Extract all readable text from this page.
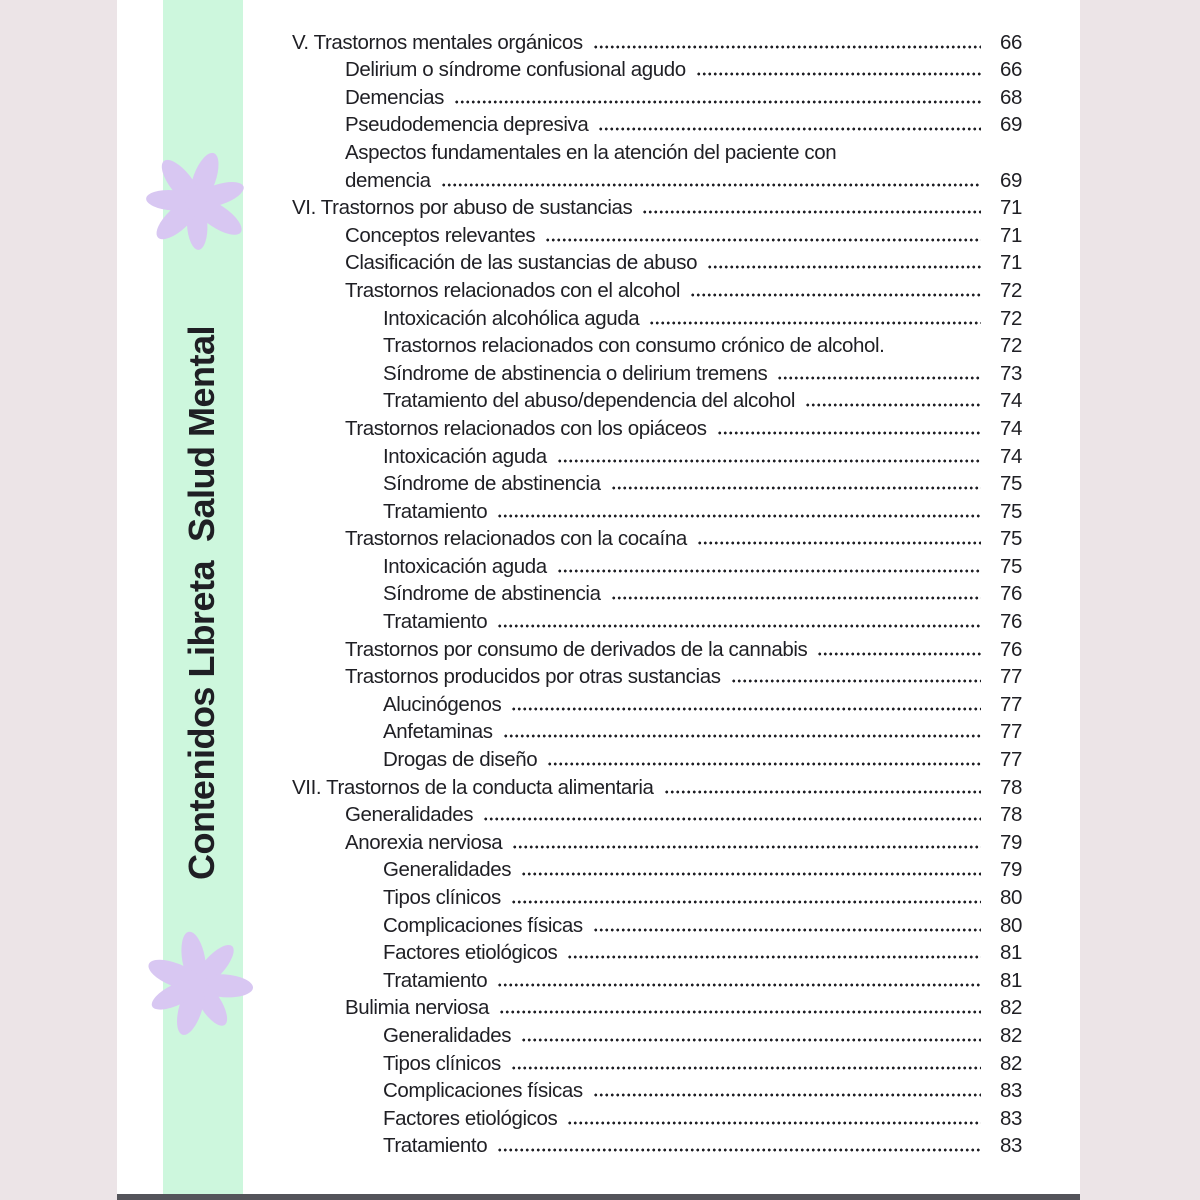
Contenidos Libreta  Salud Mental
V. Trastornos mentales orgánicos	66
Delirium o síndrome confusional agudo	66
Demencias	68
Pseudodemencia depresiva	69
Aspectos fundamentales en la atención del paciente con
demencia	69
VI. Trastornos por abuso de sustancias	71
Conceptos relevantes	71
Clasificación de las sustancias de abuso	71
Trastornos relacionados con el alcohol	72
Intoxicación alcohólica aguda	72
Trastornos relacionados con consumo crónico de alcohol.	72
Síndrome de abstinencia o delirium tremens	73
Tratamiento del abuso/dependencia del alcohol	74
Trastornos relacionados con los opiáceos	74
Intoxicación aguda	74
Síndrome de abstinencia	75
Tratamiento	75
Trastornos relacionados con la cocaína	75
Intoxicación aguda	75
Síndrome de abstinencia	76
Tratamiento	76
Trastornos por consumo de derivados de la cannabis	76
Trastornos producidos por otras sustancias	77
Alucinógenos	77
Anfetaminas	77
Drogas de diseño	77
VII. Trastornos de la conducta alimentaria	78
Generalidades	78
Anorexia nerviosa	79
Generalidades	79
Tipos clínicos	80
Complicaciones físicas	80
Factores etiológicos	81
Tratamiento	81
Bulimia nerviosa	82
Generalidades	82
Tipos clínicos	82
Complicaciones físicas	83
Factores etiológicos	83
Tratamiento	83
